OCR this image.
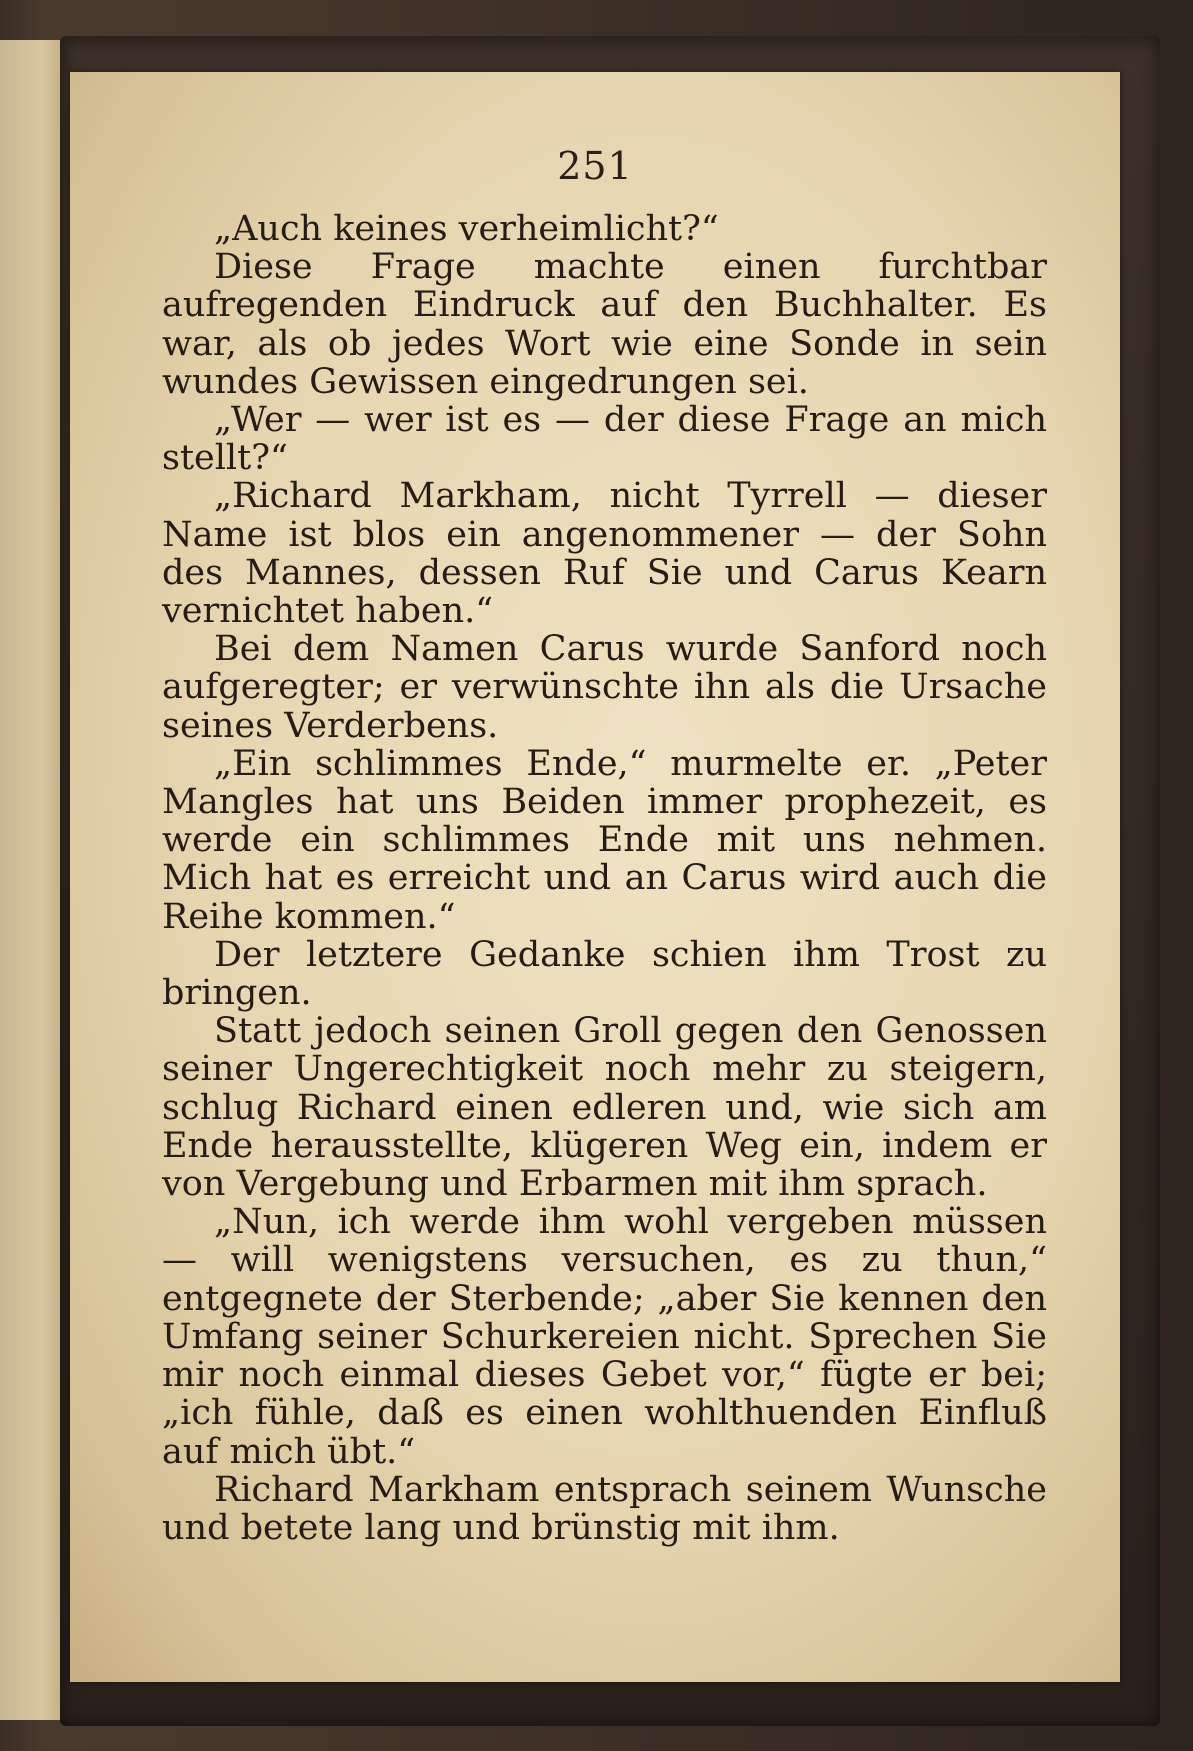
251

„Auch keines verheimlicht?“

Diese Frage machte einen furchtbar aufregenden Eindruck auf den Buchhalter. Es war, als ob jedes Wort wie eine Sonde in sein wundes Gewissen eingedrungen sei.

„Wer — wer ist es — der diese Frage an mich stellt?“

„Richard Markham, nicht Tyrrell — dieser Name ist blos ein angenommener — der Sohn des Mannes, dessen Ruf Sie und Carus Kearn vernichtet haben.“

Bei dem Namen Carus wurde Sanford noch aufgeregter; er verwünschte ihn als die Ursache seines Verderbens.

„Ein schlimmes Ende,“ murmelte er. „Peter Mangles hat uns Beiden immer prophezeit, es werde ein schlimmes Ende mit uns nehmen. Mich hat es erreicht und an Carus wird auch die Reihe kommen.“

Der letztere Gedanke schien ihm Trost zu bringen.

Statt jedoch seinen Groll gegen den Genossen seiner Ungerechtigkeit noch mehr zu steigern, schlug Richard einen edleren und, wie sich am Ende herausstellte, klügeren Weg ein, indem er von Vergebung und Erbarmen mit ihm sprach.

„Nun, ich werde ihm wohl vergeben müssen — will wenigstens versuchen, es zu thun,“ entgegnete der Sterbende; „aber Sie kennen den Umfang seiner Schurkereien nicht. Sprechen Sie mir noch einmal dieses Gebet vor,“ fügte er bei; „ich fühle, daß es einen wohlthuenden Einfluß auf mich übt.“

Richard Markham entsprach seinem Wunsche und betete lang und brünstig mit ihm.
